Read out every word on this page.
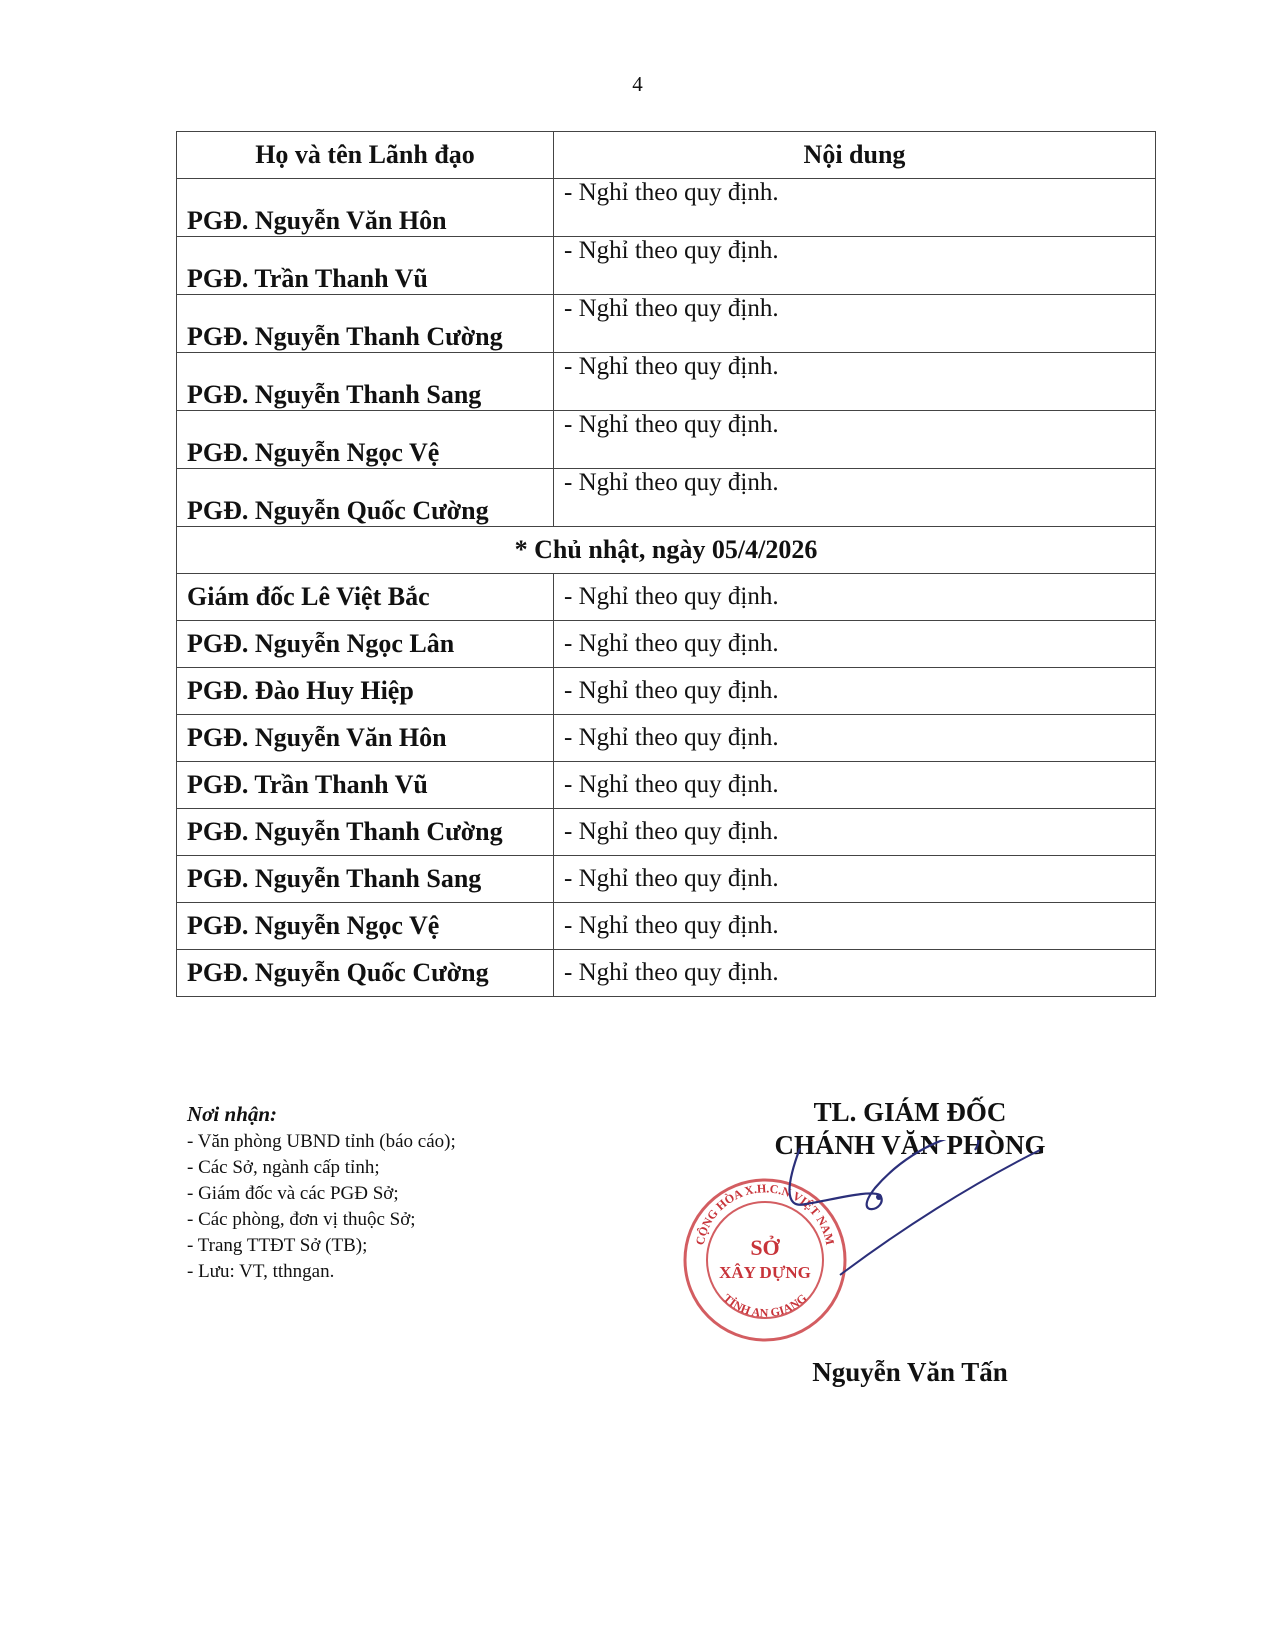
4
Họ và tên Lãnh đạo	Nội dung
PGĐ. Nguyễn Văn Hôn	- Nghỉ theo quy định.
PGĐ. Trần Thanh Vũ	- Nghỉ theo quy định.
PGĐ. Nguyễn Thanh Cường	- Nghỉ theo quy định.
PGĐ. Nguyễn Thanh Sang	- Nghỉ theo quy định.
PGĐ. Nguyễn Ngọc Vệ	- Nghỉ theo quy định.
PGĐ. Nguyễn Quốc Cường	- Nghỉ theo quy định.
* Chủ nhật, ngày 05/4/2026	
Giám đốc Lê Việt Bắc	- Nghỉ theo quy định.
PGĐ. Nguyễn Ngọc Lân	- Nghỉ theo quy định.
PGĐ. Đào Huy Hiệp	- Nghỉ theo quy định.
PGĐ. Nguyễn Văn Hôn	- Nghỉ theo quy định.
PGĐ. Trần Thanh Vũ	- Nghỉ theo quy định.
PGĐ. Nguyễn Thanh Cường	- Nghỉ theo quy định.
PGĐ. Nguyễn Thanh Sang	- Nghỉ theo quy định.
PGĐ. Nguyễn Ngọc Vệ	- Nghỉ theo quy định.
PGĐ. Nguyễn Quốc Cường	- Nghỉ theo quy định.
Nơi nhận:
- Văn phòng UBND tỉnh (báo cáo);
- Các Sở, ngành cấp tỉnh;
- Giám đốc và các PGĐ Sở;
- Các phòng, đơn vị thuộc Sở;
- Trang TTĐT Sở (TB);
- Lưu: VT, tthngan.
TL. GIÁM ĐỐC
CHÁNH VĂN PHÒNG
CỘNG HÒA X.H.C.N VIỆT NAM
SỞ
XÂY DỰNG
TỈNH AN GIANG
Nguyễn Văn Tấn
